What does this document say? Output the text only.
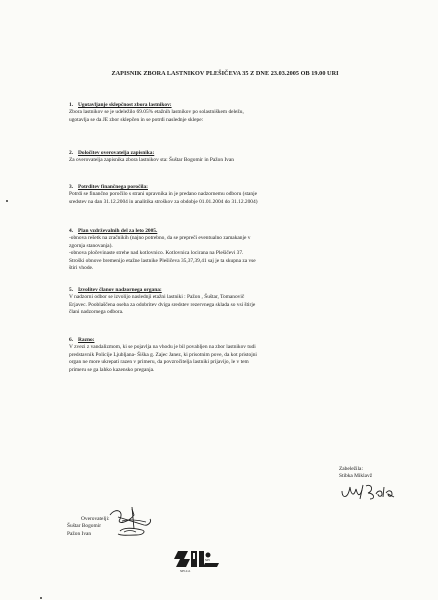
ZAPISNIK ZBORA LASTNIKOV PLEŠIČEVA 35 Z DNE 23.03.2005 OB 19.00 URI

1. Ugotavljanje sklepčnost zbora lastnikov:

Zbora lastnikov se je udeležilo 69.05% etažnih lastnikov po solastniškem deležu,

ugotavlja se da JE zbor sklepčen in se potrdi naslednje sklepe:

2. Določitev overovatelja zapisnika:

Za overovatelja zapisnika zbora lastnikov sta: Šuštar Bogomir in Pažon Ivan

3. Potrditev finančnega poročila:

Potrdi se finančno poročilo s strani upravnika in je predano nadzornemu odboru (stanje

sredstev na dan 31.12.2004 in analitika stroškov za obdobje 01.01.2004 do 31.12.2004)

4. Plan vzdrževalnih del za leto 2005.

-obnova rešetk na zračnikih (najno potrebno, da se prepreči eventualno zamakanje v

zgornja stanovanja).

-obnova pločevinaste strehe nad kotlovnico. Kotlovnica locirana na Plešičevi 37.

Stroški obnove bremenijo etažne lastnike Plešičeva 35,37,39,41 saj je ta skupna za vse

štiri vhode.

5. Izvolitev članov nadzornega organa:

V nadzorni odbor se izvolijo naslednji etažni lastniki : Pažon , Šuštar, Tomanovič

Erjavec. Pooblaščena oseba za odobritev dviga sredstev rezervnega sklada so vsi štirje

člani nadzornega odbora.

6. Razno:

V zvezi z vandalizmom, ki se pojavlja na vhodu je bil povabljen na zbor lastnikov tudi

predstavnik Policije Ljubljana- Šiška g. Zajec Janez, ki prisotnim pove, da kot pristojni

organ ne more ukrepati razen v primeru, da povzročitelja lastniki prijavijo, le v tem

primeru se ga lahko kazensko preganja.

Overovatelji:
Šuštar Bogomir
Pažon Ivan
Zabeležila:
Stibka Miklavž
SPI
SPI d.d.
